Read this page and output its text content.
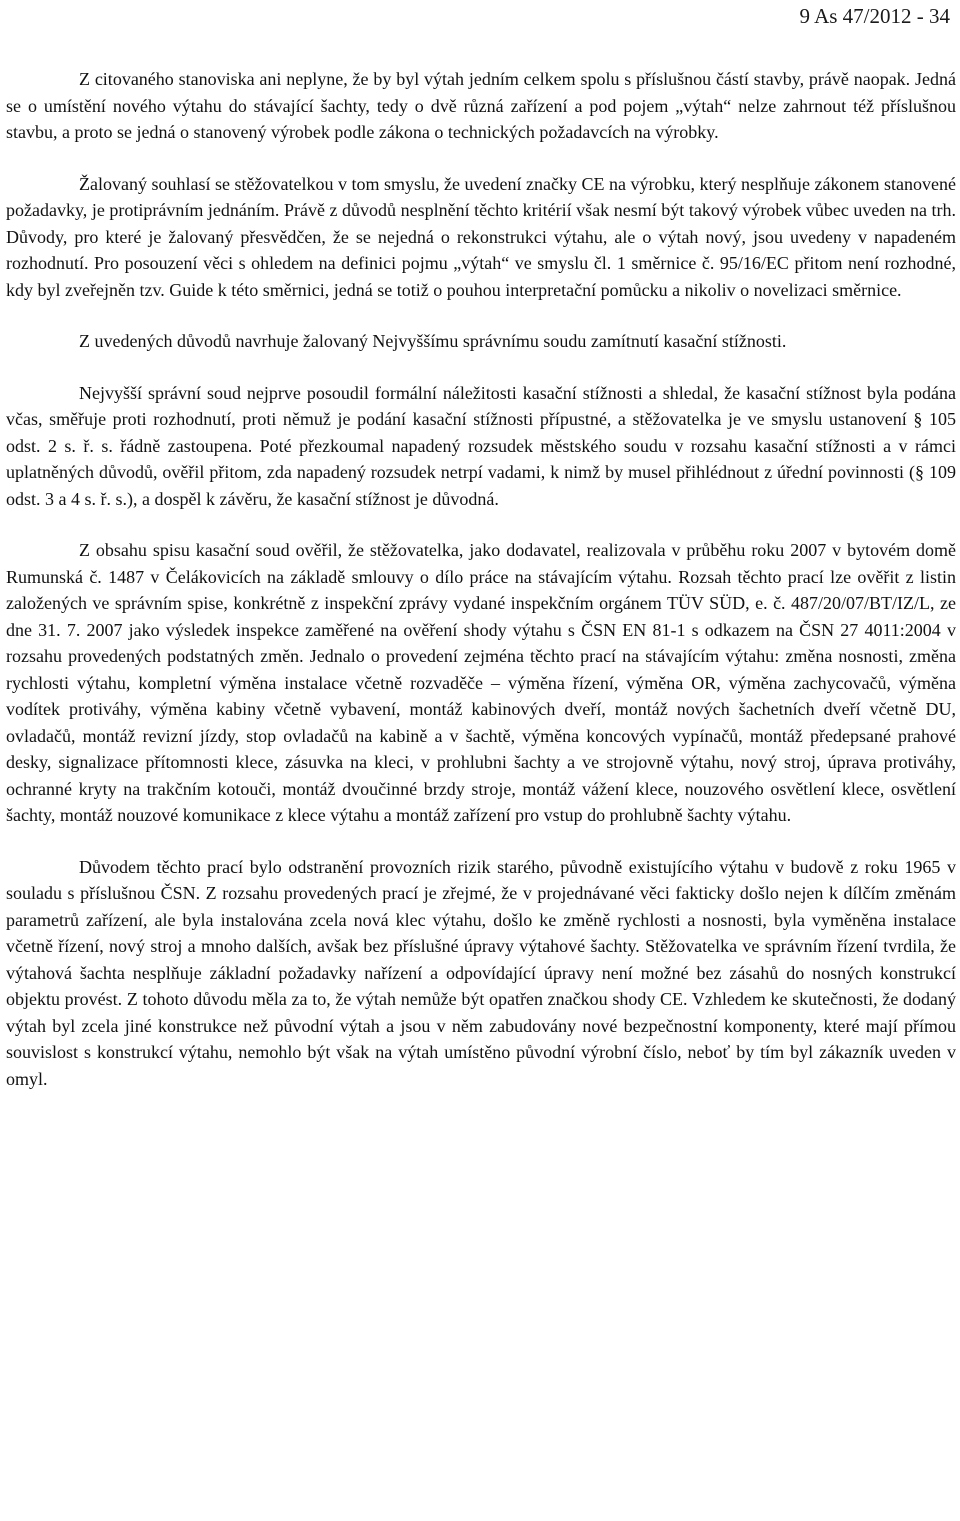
9 As 47/2012 - 34

Z citovaného stanoviska ani neplyne, že by byl výtah jedním celkem spolu s příslušnou částí stavby, právě naopak. Jedná se o umístění nového výtahu do stávající šachty, tedy o dvě různá zařízení a pod pojem „výtah“ nelze zahrnout též příslušnou stavbu, a proto se jedná o stanovený výrobek podle zákona o technických požadavcích na výrobky.

Žalovaný souhlasí se stěžovatelkou v tom smyslu, že uvedení značky CE na výrobku, který nesplňuje zákonem stanovené požadavky, je protiprávním jednáním. Právě z důvodů nesplnění těchto kritérií však nesmí být takový výrobek vůbec uveden na trh. Důvody, pro které je žalovaný přesvědčen, že se nejedná o rekonstrukci výtahu, ale o výtah nový, jsou uvedeny v napadeném rozhodnutí. Pro posouzení věci s ohledem na definici pojmu „výtah“ ve smyslu čl. 1 směrnice č. 95/16/EC přitom není rozhodné, kdy byl zveřejněn tzv. Guide k této směrnici, jedná se totiž o pouhou interpretační pomůcku a nikoliv o novelizaci směrnice.

Z uvedených důvodů navrhuje žalovaný Nejvyššímu správnímu soudu zamítnutí kasační stížnosti.

Nejvyšší správní soud nejprve posoudil formální náležitosti kasační stížnosti a shledal, že kasační stížnost byla podána včas, směřuje proti rozhodnutí, proti němuž je podání kasační stížnosti přípustné, a stěžovatelka je ve smyslu ustanovení § 105 odst. 2 s. ř. s. řádně zastoupena. Poté přezkoumal napadený rozsudek městského soudu v rozsahu kasační stížnosti a v rámci uplatněných důvodů, ověřil přitom, zda napadený rozsudek netrpí vadami, k nimž by musel přihlédnout z úřední povinnosti (§ 109 odst. 3 a 4 s. ř. s.), a dospěl k závěru, že kasační stížnost je důvodná.

Z obsahu spisu kasační soud ověřil, že stěžovatelka, jako dodavatel, realizovala v průběhu roku 2007 v bytovém domě Rumunská č. 1487 v Čelákovicích na základě smlouvy o dílo práce na stávajícím výtahu. Rozsah těchto prací lze ověřit z listin založených ve správním spise, konkrétně z inspekční zprávy vydané inspekčním orgánem TÜV SÜD, e. č. 487/20/07/BT/IZ/L, ze dne 31. 7. 2007 jako výsledek inspekce zaměřené na ověření shody výtahu s ČSN EN 81-1 s odkazem na ČSN 27 4011:2004 v rozsahu provedených podstatných změn. Jednalo o provedení zejména těchto prací na stávajícím výtahu: změna nosnosti, změna rychlosti výtahu, kompletní výměna instalace včetně rozvaděče – výměna řízení, výměna OR, výměna zachycovačů, výměna vodítek protiváhy, výměna kabiny včetně vybavení, montáž kabinových dveří, montáž nových šachetních dveří včetně DU, ovladačů, montáž revizní jízdy, stop ovladačů na kabině a v šachtě, výměna koncových vypínačů, montáž předepsané prahové desky, signalizace přítomnosti klece, zásuvka na kleci, v prohlubni šachty a ve strojovně výtahu, nový stroj, úprava protiváhy, ochranné kryty na trakčním kotouči, montáž dvoučinné brzdy stroje, montáž vážení klece, nouzového osvětlení klece, osvětlení šachty, montáž nouzové komunikace z klece výtahu a montáž zařízení pro vstup do prohlubně šachty výtahu.

Důvodem těchto prací bylo odstranění provozních rizik starého, původně existujícího výtahu v budově z roku 1965 v souladu s příslušnou ČSN. Z rozsahu provedených prací je zřejmé, že v projednávané věci fakticky došlo nejen k dílčím změnám parametrů zařízení, ale byla instalována zcela nová klec výtahu, došlo ke změně rychlosti a nosnosti, byla vyměněna instalace včetně řízení, nový stroj a mnoho dalších, avšak bez příslušné úpravy výtahové šachty. Stěžovatelka ve správním řízení tvrdila, že výtahová šachta nesplňuje základní požadavky nařízení a odpovídající úpravy není možné bez zásahů do nosných konstrukcí objektu provést. Z tohoto důvodu měla za to, že výtah nemůže být opatřen značkou shody CE. Vzhledem ke skutečnosti, že dodaný výtah byl zcela jiné konstrukce než původní výtah a jsou v něm zabudovány nové bezpečnostní komponenty, které mají přímou souvislost s konstrukcí výtahu, nemohlo být však na výtah umístěno původní výrobní číslo, neboť by tím byl zákazník uveden v omyl.
